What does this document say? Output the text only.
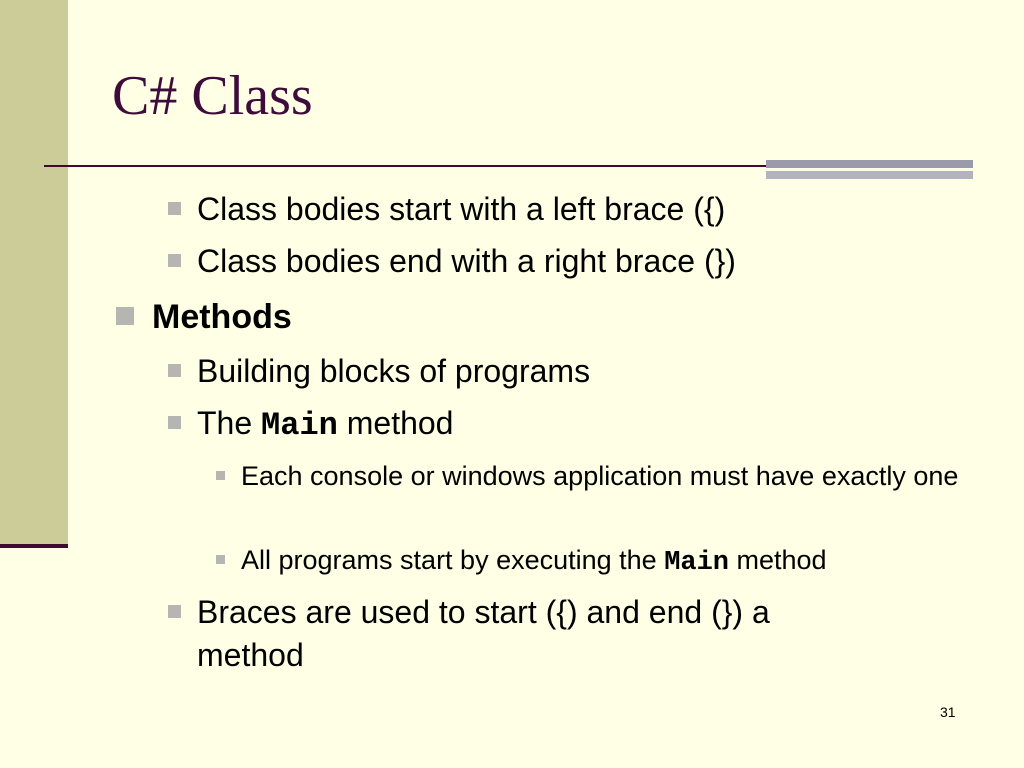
C# Class
Class bodies start with a left brace ({)
Class bodies end with a right brace (})
Methods
Building blocks of programs
The Main method
Each console or windows application must have exactly one
All programs start by executing the Main method
Braces are used to start ({) and end (}) a method
31
